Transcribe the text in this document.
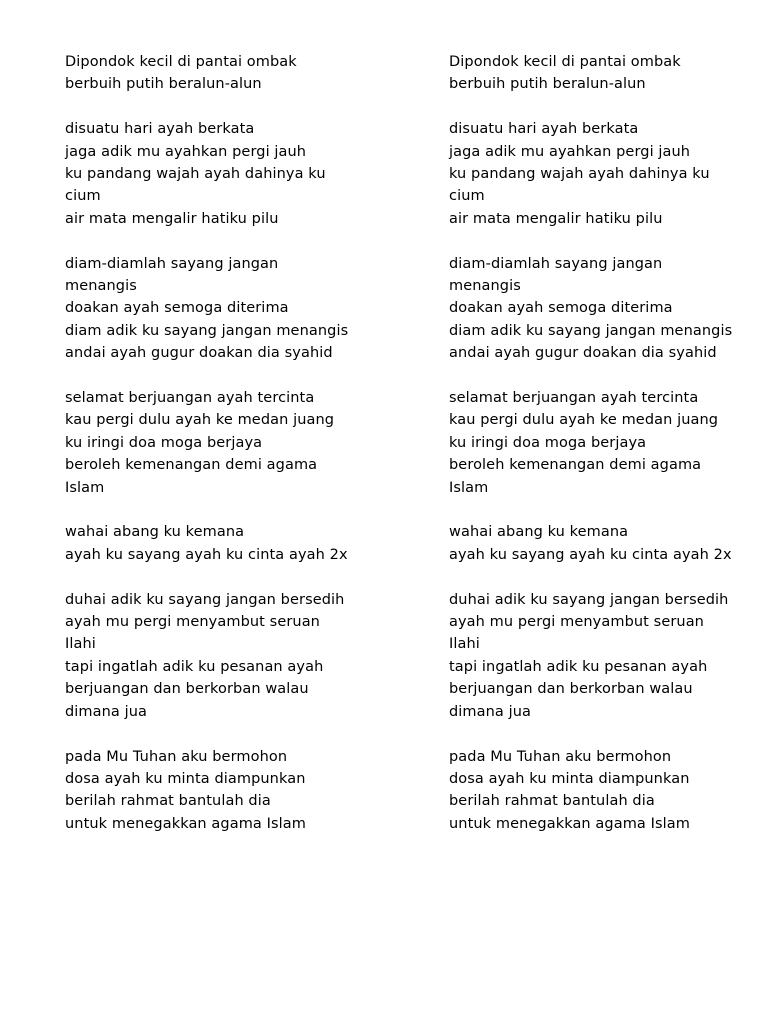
Dipondok kecil di pantai ombak
berbuih putih beralun-alun
disuatu hari ayah berkata
jaga adik mu ayahkan pergi jauh
ku pandang wajah ayah dahinya ku
cium
air mata mengalir hatiku pilu
diam-diamlah sayang jangan
menangis
doakan ayah semoga diterima
diam adik ku sayang jangan menangis
andai ayah gugur doakan dia syahid
selamat berjuangan ayah tercinta
kau pergi dulu ayah ke medan juang
ku iringi doa moga berjaya
beroleh kemenangan demi agama
Islam
wahai abang ku kemana
ayah ku sayang ayah ku cinta ayah 2x
duhai adik ku sayang jangan bersedih
ayah mu pergi menyambut seruan
Ilahi
tapi ingatlah adik ku pesanan ayah
berjuangan dan berkorban walau
dimana jua
pada Mu Tuhan aku bermohon
dosa ayah ku minta diampunkan
berilah rahmat bantulah dia
untuk menegakkan agama Islam
Dipondok kecil di pantai ombak
berbuih putih beralun-alun
disuatu hari ayah berkata
jaga adik mu ayahkan pergi jauh
ku pandang wajah ayah dahinya ku
cium
air mata mengalir hatiku pilu
diam-diamlah sayang jangan
menangis
doakan ayah semoga diterima
diam adik ku sayang jangan menangis
andai ayah gugur doakan dia syahid
selamat berjuangan ayah tercinta
kau pergi dulu ayah ke medan juang
ku iringi doa moga berjaya
beroleh kemenangan demi agama
Islam
wahai abang ku kemana
ayah ku sayang ayah ku cinta ayah 2x
duhai adik ku sayang jangan bersedih
ayah mu pergi menyambut seruan
Ilahi
tapi ingatlah adik ku pesanan ayah
berjuangan dan berkorban walau
dimana jua
pada Mu Tuhan aku bermohon
dosa ayah ku minta diampunkan
berilah rahmat bantulah dia
untuk menegakkan agama Islam
